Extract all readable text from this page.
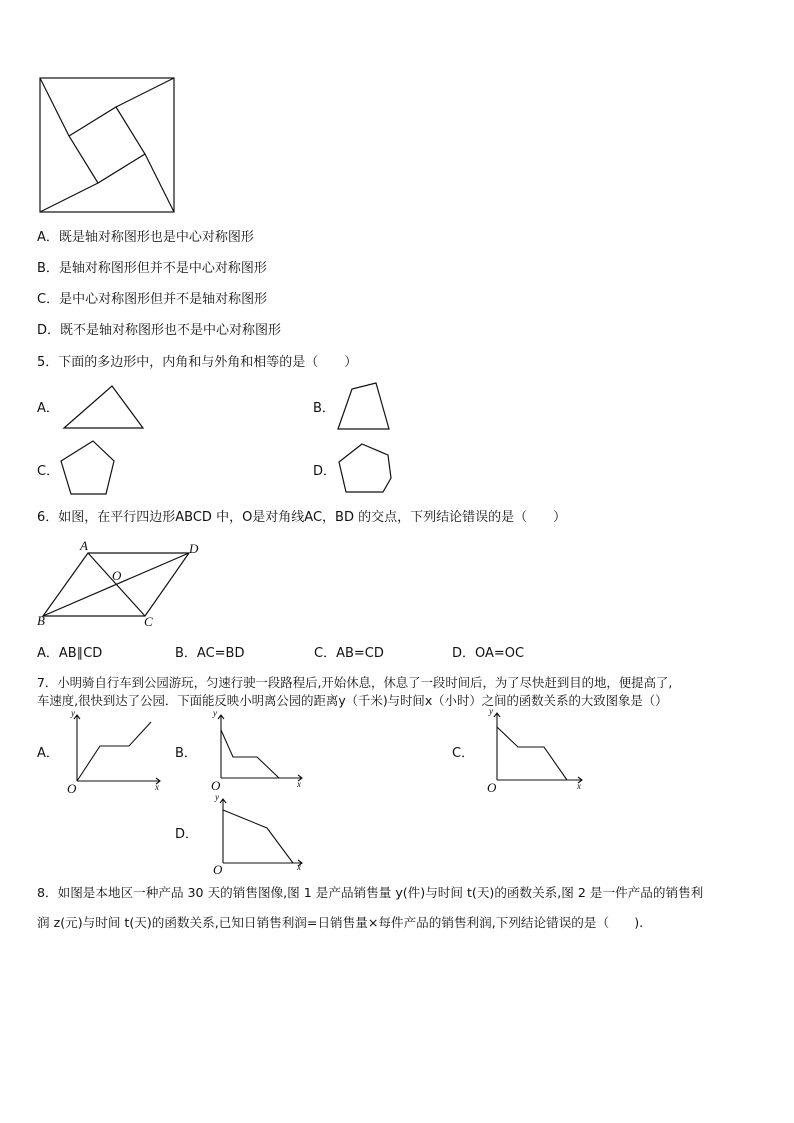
A．既是轴对称图形也是中心对称图形
B．是轴对称图形但并不是中心对称图形
C．是中心对称图形但并不是轴对称图形
D．既不是轴对称图形也不是中心对称图形
5．下面的多边形中，内角和与外角和相等的是（　　）
A．	B．
C．	D．
6．如图，在平行四边形ABCD 中，O是对角线AC，BD 的交点，下列结论错误的是（　　）
A	D
O
B	C
A．AB∥CD	B．AC=BD	C．AB=CD	D．OA=OC
7．小明骑自行车到公园游玩，匀速行驶一段路程后,开始休息，休息了一段时间后，为了尽快赶到目的地，便提高了,
车速度,很快到达了公园．下面能反映小明离公园的距离y（千米)与时间x（小时）之间的函数关系的大致图象是（）
A．
O
y
x
B．
O
y
x
C．
O
y
x
D．
O
y
x
8．如图是本地区一种产品 30 天的销售图像,图 1 是产品销售量 y(件)与时间 t(天)的函数关系,图 2 是一件产品的销售利
润 z(元)与时间 t(天)的函数关系,已知日销售利润=日销售量×每件产品的销售利润,下列结论错误的是（　　).
